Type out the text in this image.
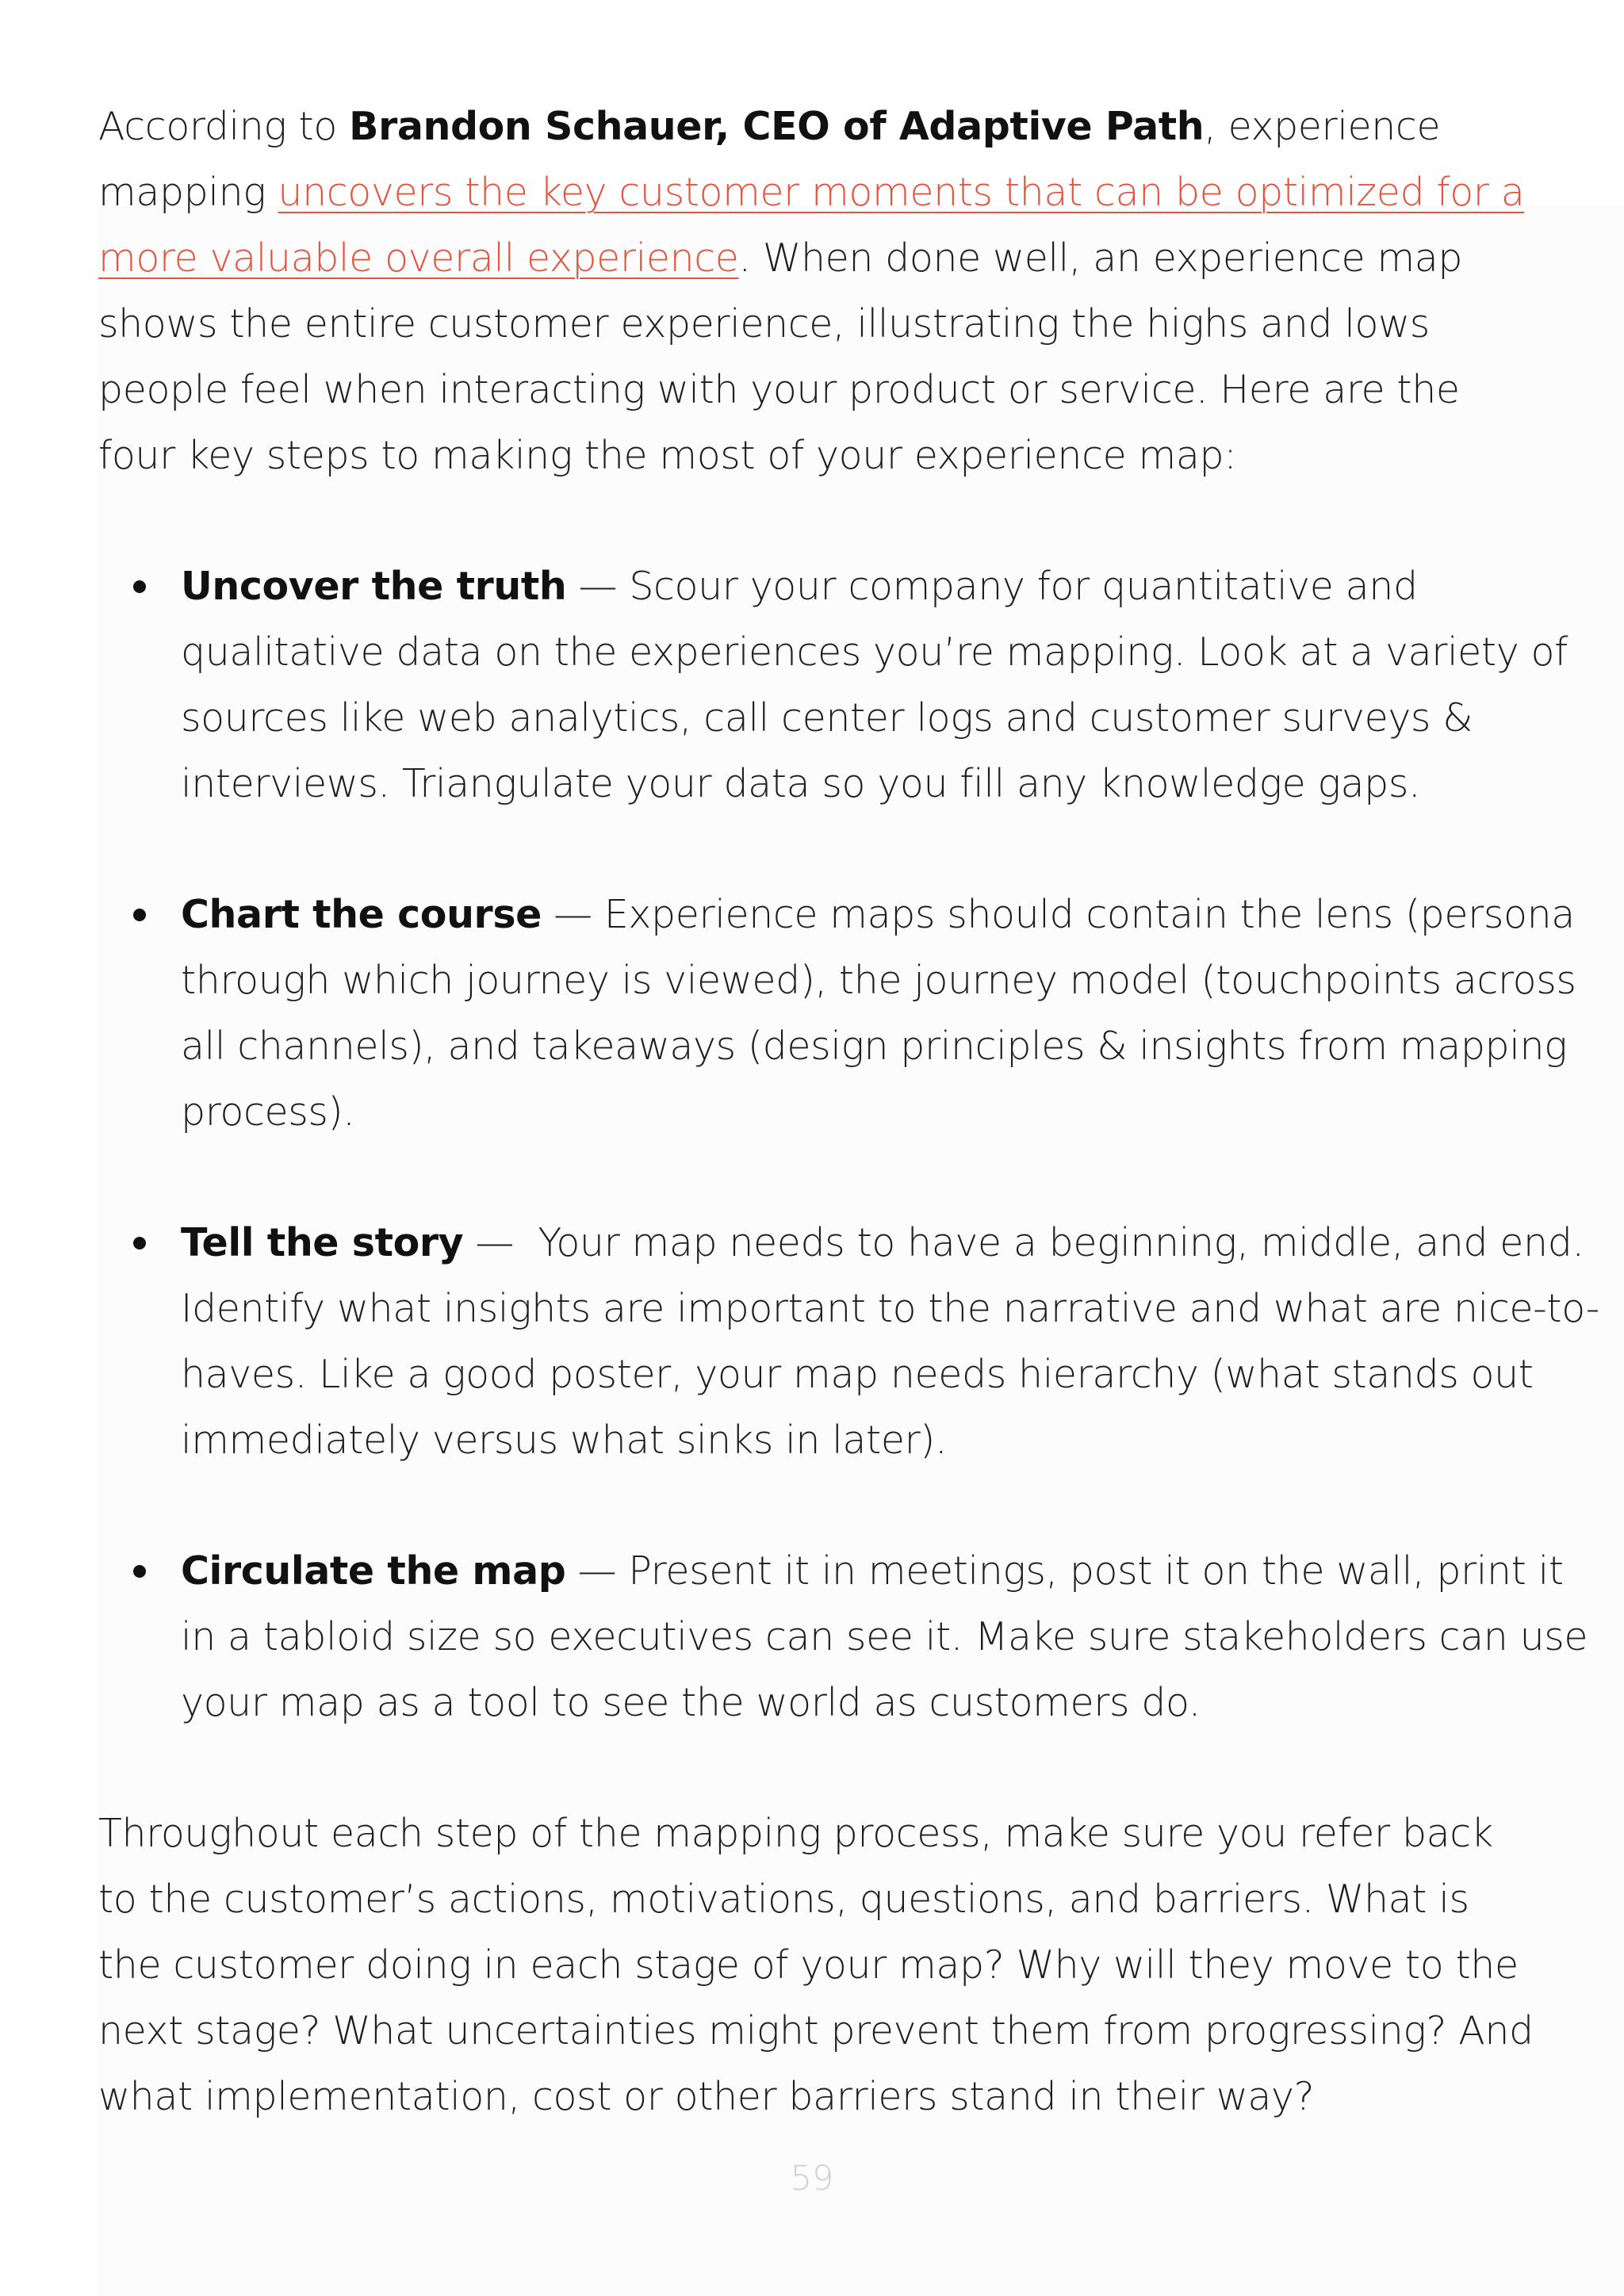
According to Brandon Schauer, CEO of Adaptive Path, experience mapping uncovers the key customer moments that can be optimized for a more valuable overall experience. When done well, an experience map shows the entire customer experience, illustrating the highs and lows people feel when interacting with your product or service. Here are the four key steps to making the most of your experience map:

Uncover the truth — Scour your company for quantitative and qualitative data on the experiences you’re mapping. Look at a variety of sources like web analytics, call center logs and customer surveys & interviews. Triangulate your data so you fill any knowledge gaps.
Chart the course — Experience maps should contain the lens (persona through which journey is viewed), the journey model (touchpoints across all channels), and takeaways (design principles & insights from mapping process).
Tell the story —  Your map needs to have a beginning, middle, and end. Identify what insights are important to the narrative and what are nice-to-haves. Like a good poster, your map needs hierarchy (what stands out immediately versus what sinks in later).
Circulate the map — Present it in meetings, post it on the wall, print it in a tabloid size so executives can see it. Make sure stakeholders can use your map as a tool to see the world as customers do.

Throughout each step of the mapping process, make sure you refer back to the customer’s actions, motivations, questions, and barriers. What is the customer doing in each stage of your map? Why will they move to the next stage? What uncertainties might prevent them from progressing? And what implementation, cost or other barriers stand in their way?

59
